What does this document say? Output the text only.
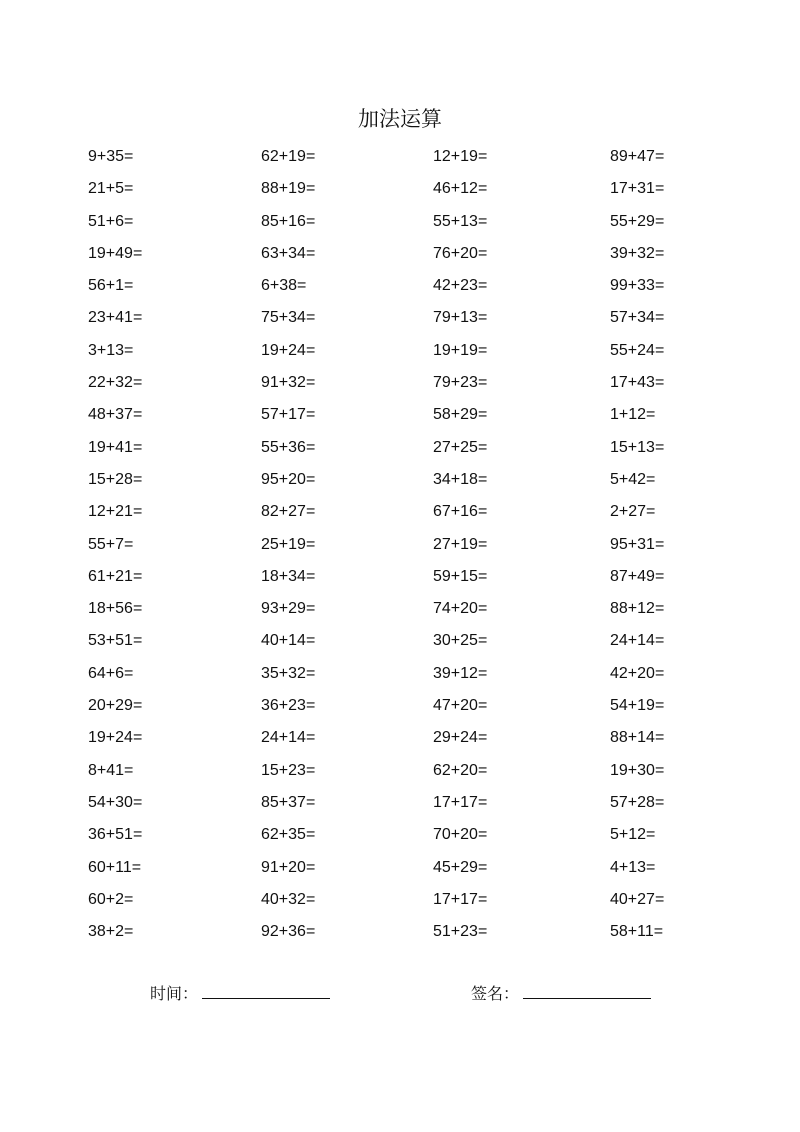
加法运算
9+35=	62+19=	12+19=	89+47=
21+5=	88+19=	46+12=	17+31=
51+6=	85+16=	55+13=	55+29=
19+49=	63+34=	76+20=	39+32=
56+1=	6+38=	42+23=	99+33=
23+41=	75+34=	79+13=	57+34=
3+13=	19+24=	19+19=	55+24=
22+32=	91+32=	79+23=	17+43=
48+37=	57+17=	58+29=	1+12=
19+41=	55+36=	27+25=	15+13=
15+28=	95+20=	34+18=	5+42=
12+21=	82+27=	67+16=	2+27=
55+7=	25+19=	27+19=	95+31=
61+21=	18+34=	59+15=	87+49=
18+56=	93+29=	74+20=	88+12=
53+51=	40+14=	30+25=	24+14=
64+6=	35+32=	39+12=	42+20=
20+29=	36+23=	47+20=	54+19=
19+24=	24+14=	29+24=	88+14=
8+41=	15+23=	62+20=	19+30=
54+30=	85+37=	17+17=	57+28=
36+51=	62+35=	70+20=	5+12=
60+11=	91+20=	45+29=	4+13=
60+2=	40+32=	17+17=	40+27=
38+2=	92+36=	51+23=	58+11=
时间：	签名：
